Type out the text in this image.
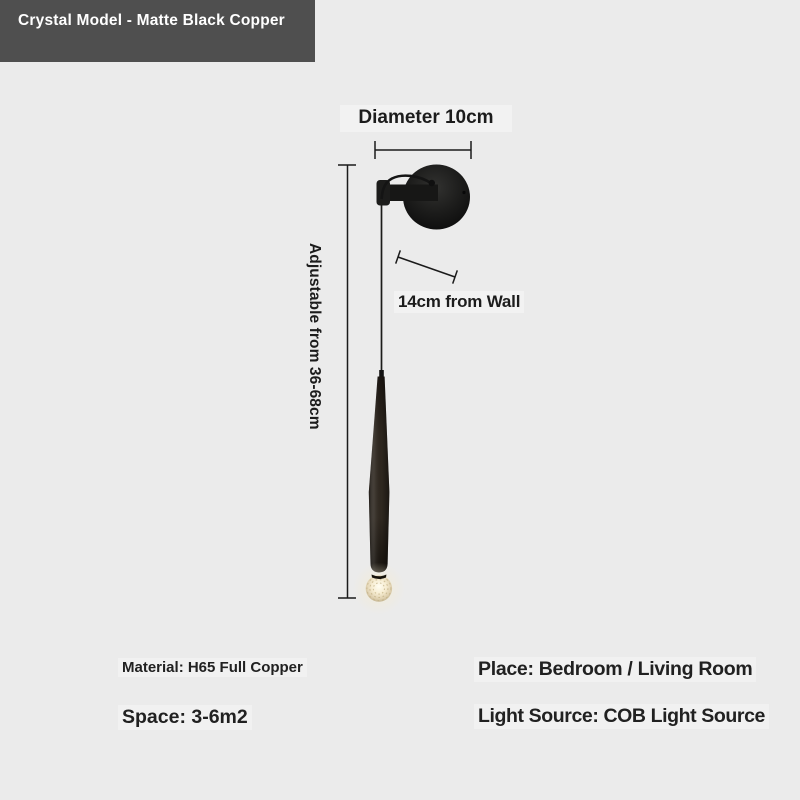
Crystal Model - Matte Black Copper
Diameter 10cm
Adjustable from 36-68cm	14cm from Wall
Material: H65 Full Copper
Space: 3-6m2
Place: Bedroom / Living Room
Light Source: COB Light Source
